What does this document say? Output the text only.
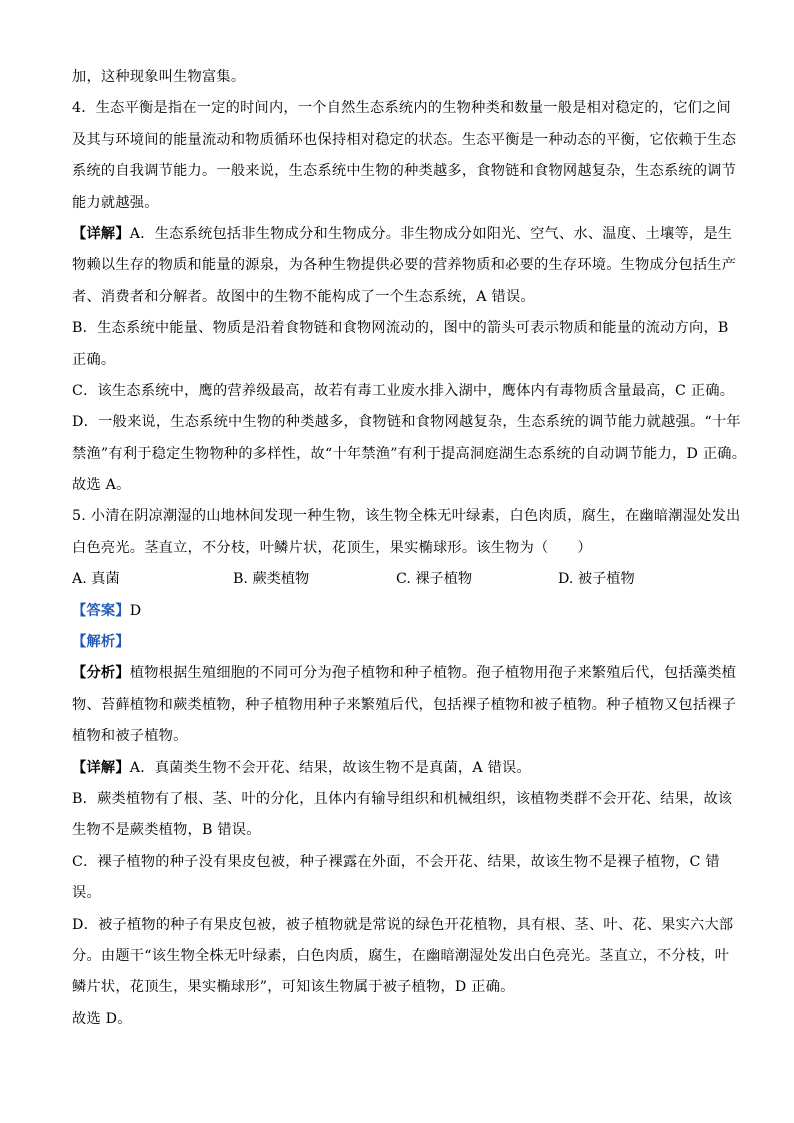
加，这种现象叫生物富集。
4．生态平衡是指在一定的时间内，一个自然生态系统内的生物种类和数量一般是相对稳定的，它们之间
及其与环境间的能量流动和物质循环也保持相对稳定的状态。生态平衡是一种动态的平衡，它依赖于生态
系统的自我调节能力。一般来说，生态系统中生物的种类越多，食物链和食物网越复杂，生态系统的调节
能力就越强。
【详解】A．生态系统包括非生物成分和生物成分。非生物成分如阳光、空气、水、温度、土壤等，是生
物赖以生存的物质和能量的源泉，为各种生物提供必要的营养物质和必要的生存环境。生物成分包括生产
者、消费者和分解者。故图中的生物不能构成了一个生态系统，A 错误。
B．生态系统中能量、物质是沿着食物链和食物网流动的，图中的箭头可表示物质和能量的流动方向，B
正确。
C．该生态系统中，鹰的营养级最高，故若有毒工业废水排入湖中，鹰体内有毒物质含量最高，C 正确。
D．一般来说，生态系统中生物的种类越多，食物链和食物网越复杂，生态系统的调节能力就越强。“十年
禁渔”有利于稳定生物物种的多样性，故“十年禁渔”有利于提高洞庭湖生态系统的自动调节能力，D 正确。
故选 A。
5. 小清在阴凉潮湿的山地林间发现一种生物，该生物全株无叶绿素，白色肉质，腐生，在幽暗潮湿处发出
白色亮光。茎直立，不分枝，叶鳞片状，花顶生，果实椭球形。该生物为（　　）
A. 真菌	B. 蕨类植物	C. 裸子植物	D. 被子植物
【答案】D
【解析】
【分析】植物根据生殖细胞的不同可分为孢子植物和种子植物。孢子植物用孢子来繁殖后代，包括藻类植
物、苔藓植物和蕨类植物，种子植物用种子来繁殖后代，包括裸子植物和被子植物。种子植物又包括裸子
植物和被子植物。
【详解】A．真菌类生物不会开花、结果，故该生物不是真菌，A 错误。
B．蕨类植物有了根、茎、叶的分化，且体内有输导组织和机械组织，该植物类群不会开花、结果，故该
生物不是蕨类植物，B 错误。
C．裸子植物的种子没有果皮包被，种子裸露在外面，不会开花、结果，故该生物不是裸子植物，C 错
误。
D．被子植物的种子有果皮包被，被子植物就是常说的绿色开花植物，具有根、茎、叶、花、果实六大部
分。由题干“该生物全株无叶绿素，白色肉质，腐生，在幽暗潮湿处发出白色亮光。茎直立，不分枝，叶
鳞片状，花顶生，果实椭球形”，可知该生物属于被子植物，D 正确。
故选 D。
